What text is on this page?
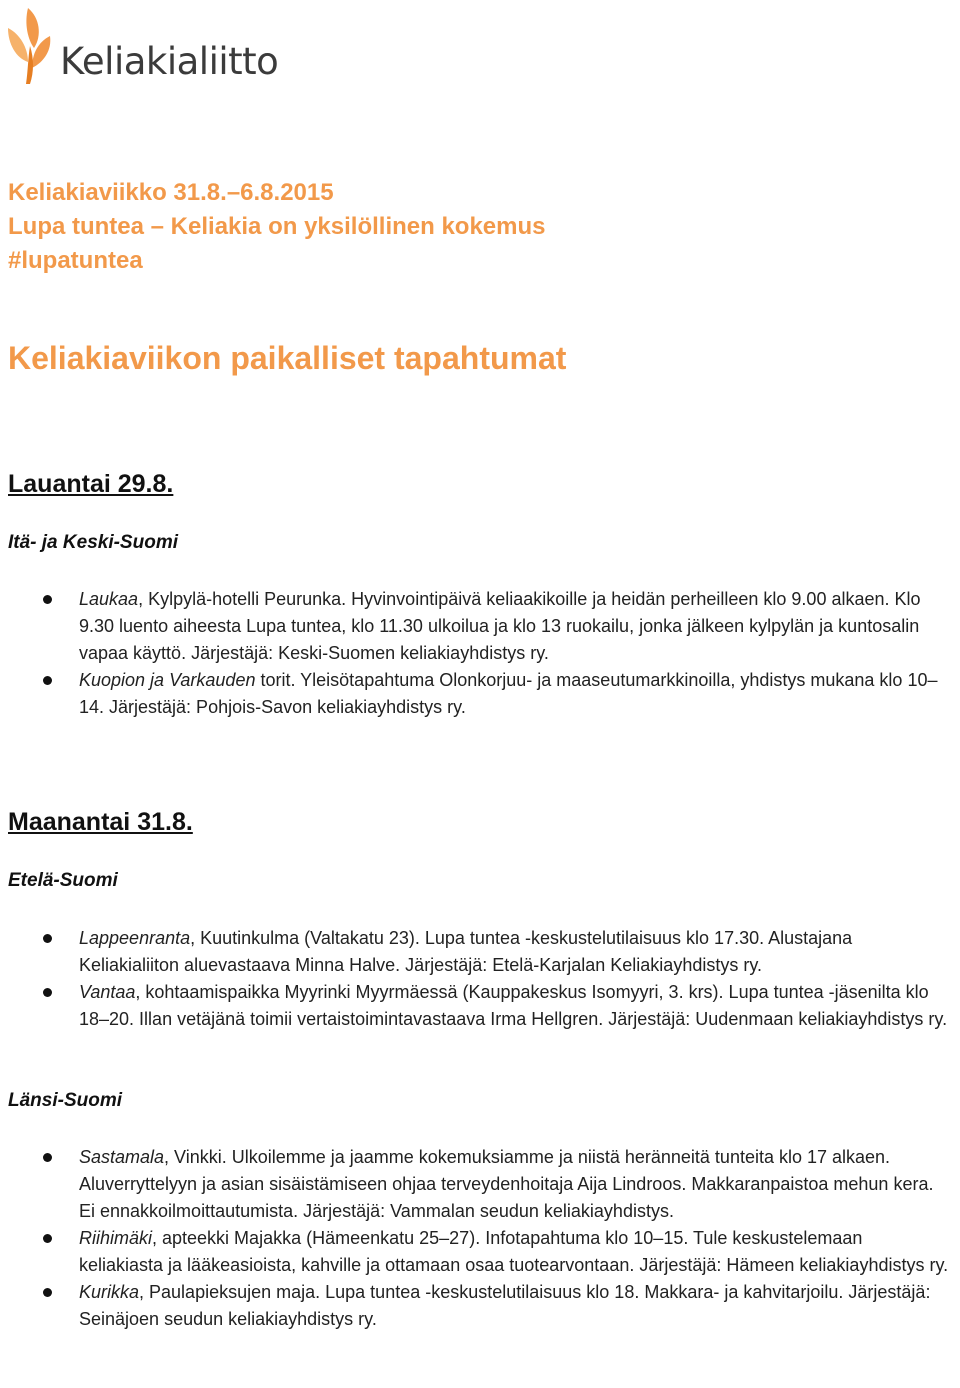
Keliakialiitto
Keliakiaviikko 31.8.–6.8.2015
Lupa tuntea – Keliakia on yksilöllinen kokemus
#lupatuntea
Keliakiaviikon paikalliset tapahtumat
Lauantai 29.8.
Itä- ja Keski-Suomi
Laukaa, Kylpylä-hotelli Peurunka. Hyvinvointipäivä keliaakikoille ja heidän perheilleen klo 9.00 alkaen. Klo 9.30 luento aiheesta Lupa tuntea, klo 11.30 ulkoilua ja klo 13 ruokailu, jonka jälkeen kylpylän ja kuntosalin vapaa käyttö. Järjestäjä: Keski-Suomen keliakiayhdistys ry.
Kuopion ja Varkauden torit. Yleisötapahtuma Olonkorjuu- ja maaseutumarkkinoilla, yhdistys mukana klo 10–14. Järjestäjä: Pohjois-Savon keliakiayhdistys ry.
Maanantai 31.8.
Etelä-Suomi
Lappeenranta, Kuutinkulma (Valtakatu 23). Lupa tuntea -keskustelutilaisuus klo 17.30. Alustajana Keliakialiiton aluevastaava Minna Halve. Järjestäjä: Etelä-Karjalan Keliakiayhdistys ry.
Vantaa, kohtaamispaikka Myyrinki Myyrmäessä (Kauppakeskus Isomyyri, 3. krs). Lupa tuntea -jäsenilta klo 18–20. Illan vetäjänä toimii vertaistoimintavastaava Irma Hellgren. Järjestäjä: Uudenmaan keliakiayhdistys ry.
Länsi-Suomi
Sastamala, Vinkki. Ulkoilemme ja jaamme kokemuksiamme ja niistä heränneitä tunteita klo 17 alkaen. Aluverryttelyyn ja asian sisäistämiseen ohjaa terveydenhoitaja Aija Lindroos. Makkaranpaistoa mehun kera. Ei ennakkoilmoittautumista. Järjestäjä: Vammalan seudun keliakiayhdistys.
Riihimäki, apteekki Majakka (Hämeenkatu 25–27). Infotapahtuma klo 10–15. Tule keskustelemaan keliakiasta ja lääkeasioista, kahville ja ottamaan osaa tuotearvontaan. Järjestäjä: Hämeen keliakiayhdistys ry.
Kurikka, Paulapieksujen maja. Lupa tuntea -keskustelutilaisuus klo 18. Makkara- ja kahvitarjoilu. Järjestäjä: Seinäjoen seudun keliakiayhdistys ry.
